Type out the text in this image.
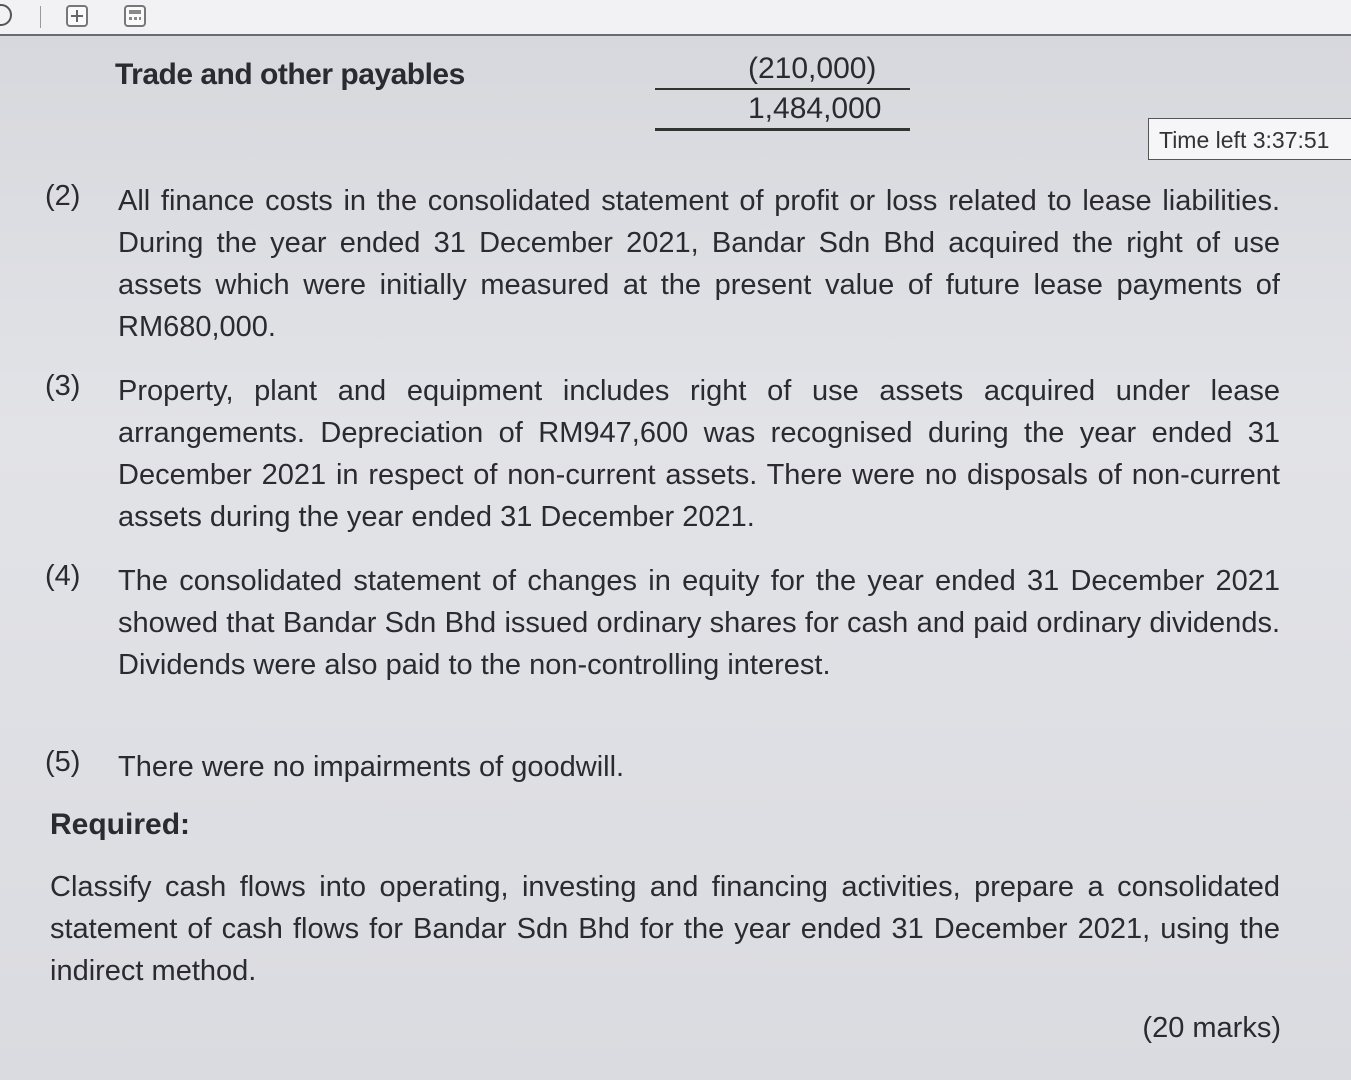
Trade and other payables	(210,000)
1,484,000
Time left 3:37:51
(2) All finance costs in the consolidated statement of profit or loss related to lease liabilities. During the year ended 31 December 2021, Bandar Sdn Bhd acquired the right of use assets which were initially measured at the present value of future lease payments of RM680,000.
(3) Property, plant and equipment includes right of use assets acquired under lease arrangements. Depreciation of RM947,600 was recognised during the year ended 31 December 2021 in respect of non-current assets. There were no disposals of non-current assets during the year ended 31 December 2021.
(4) The consolidated statement of changes in equity for the year ended 31 December 2021 showed that Bandar Sdn Bhd issued ordinary shares for cash and paid ordinary dividends. Dividends were also paid to the non-controlling interest.
(5) There were no impairments of goodwill.
Required:
Classify cash flows into operating, investing and financing activities, prepare a consolidated statement of cash flows for Bandar Sdn Bhd for the year ended 31 December 2021, using the indirect method.
(20 marks)
